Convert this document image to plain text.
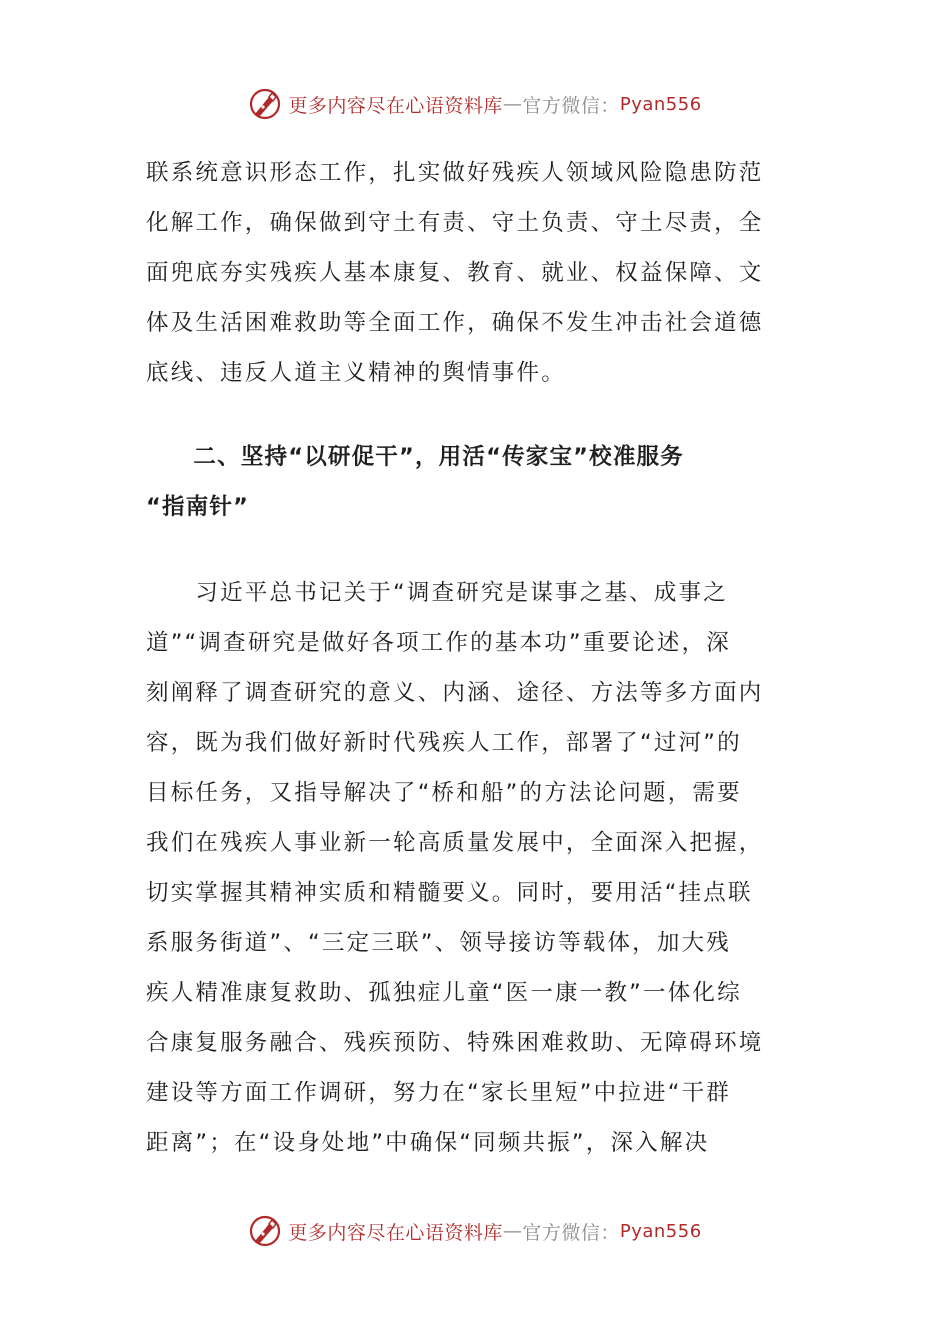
更多内容尽在心语资料库 — 官方微信： Pyan556
联系统意识形态工作，扎实做好残疾人领域风险隐患防范
化解工作，确保做到守土有责、守土负责、守土尽责，全
面兜底夯实残疾人基本康复、教育、就业、权益保障、文
体及生活困难救助等全面工作，确保不发生冲击社会道德
底线、违反人道主义精神的舆情事件。
　　二、坚持“以研促干”，用活“传家宝”校准服务
“指南针”
　　习近平总书记关于“调查研究是谋事之基、成事之
道”“调查研究是做好各项工作的基本功”重要论述，深
刻阐释了调查研究的意义、内涵、途径、方法等多方面内
容，既为我们做好新时代残疾人工作，部署了“过河”的
目标任务，又指导解决了“桥和船”的方法论问题，需要
我们在残疾人事业新一轮高质量发展中，全面深入把握，
切实掌握其精神实质和精髓要义。同时，要用活“挂点联
系服务街道”、“三定三联”、领导接访等载体，加大残
疾人精准康复救助、孤独症儿童“医一康一教”一体化综
合康复服务融合、残疾预防、特殊困难救助、无障碍环境
建设等方面工作调研，努力在“家长里短”中拉进“干群
距离”；在“设身处地”中确保“同频共振”，深入解决
更多内容尽在心语资料库 — 官方微信： Pyan556
